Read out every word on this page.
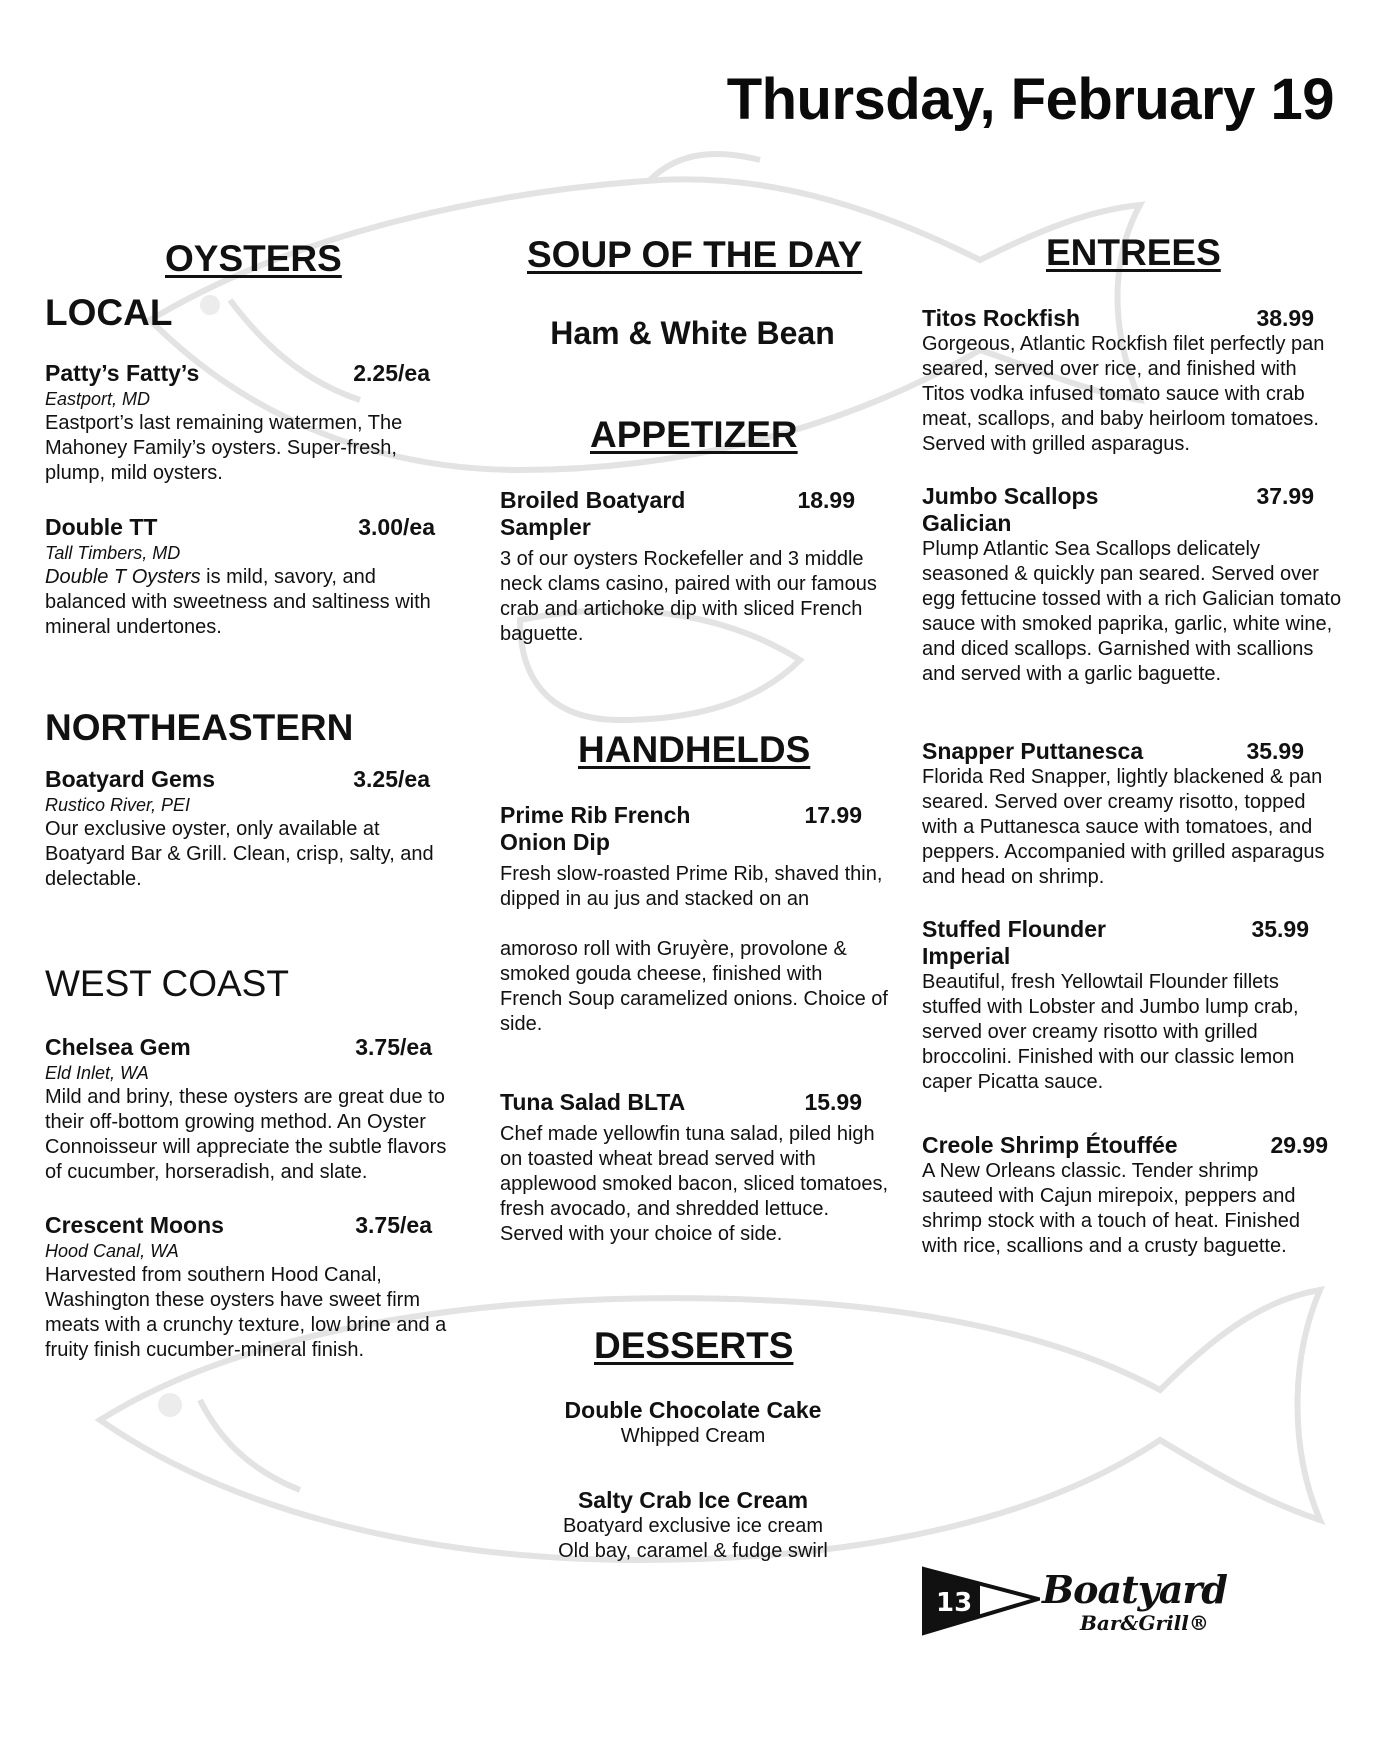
Thursday, February 19
OYSTERS
LOCAL
Patty’s Fatty’s	2.25/ea
Eastport, MD
Eastport’s last remaining watermen, The Mahoney Family’s oysters. Super-fresh, plump, mild oysters.
Double TT	3.00/ea
Tall Timbers, MD
Double T Oysters is mild, savory, and balanced with sweetness and saltiness with mineral undertones.
NORTHEASTERN
Boatyard Gems	3.25/ea
Rustico River, PEI
Our exclusive oyster, only available at Boatyard Bar & Grill. Clean, crisp, salty, and delectable.
WEST COAST
Chelsea Gem	3.75/ea
Eld Inlet, WA
Mild and briny, these oysters are great due to their off-bottom growing method. An Oyster Connoisseur will appreciate the subtle flavors of cucumber, horseradish, and slate.
Crescent Moons	3.75/ea
Hood Canal, WA
Harvested from southern Hood Canal, Washington these oysters have sweet firm meats with a crunchy texture, low brine and a fruity finish cucumber-mineral finish.
SOUP OF THE DAY
Ham & White Bean
APPETIZER
Broiled Boatyard Sampler
18.99
3 of our oysters Rockefeller and 3 middle neck clams casino, paired with our famous crab and artichoke dip with sliced French baguette.
HANDHELDS
Prime Rib French Onion Dip
17.99
Fresh slow-roasted Prime Rib, shaved thin, dipped in au jus and stacked on an
amoroso roll with Gruyère, provolone & smoked gouda cheese, finished with French Soup caramelized onions. Choice of side.
Tuna Salad BLTA	15.99
Chef made yellowfin tuna salad, piled high on toasted wheat bread served with applewood smoked bacon, sliced tomatoes, fresh avocado, and shredded lettuce. Served with your choice of side.
DESSERTS
Double Chocolate Cake
Whipped Cream
Salty Crab Ice Cream
Boatyard exclusive ice cream
Old bay, caramel & fudge swirl
ENTREES
Titos Rockfish	38.99
Gorgeous, Atlantic Rockfish filet perfectly pan seared, served over rice, and finished with Titos vodka infused tomato sauce with crab meat, scallops, and baby heirloom tomatoes. Served with grilled asparagus.
Jumbo Scallops Galician
37.99
Plump Atlantic Sea Scallops delicately seasoned & quickly pan seared. Served over egg fettucine tossed with a rich Galician tomato sauce with smoked paprika, garlic, white wine, and diced scallops. Garnished with scallions and served with a garlic baguette.
Snapper Puttanesca	35.99
Florida Red Snapper, lightly blackened & pan seared. Served over creamy risotto, topped with a Puttanesca sauce with tomatoes, and peppers. Accompanied with grilled asparagus and head on shrimp.
Stuffed Flounder Imperial
35.99
Beautiful, fresh Yellowtail Flounder fillets stuffed with Lobster and Jumbo lump crab, served over creamy risotto with grilled broccolini. Finished with our classic lemon caper Picatta sauce.
Creole Shrimp Étouffée	29.99
A New Orleans classic. Tender shrimp sauteed with Cajun mirepoix, peppers and shrimp stock with a touch of heat. Finished with rice, scallions and a crusty baguette.
13 Boatyard
Bar&Grill®
